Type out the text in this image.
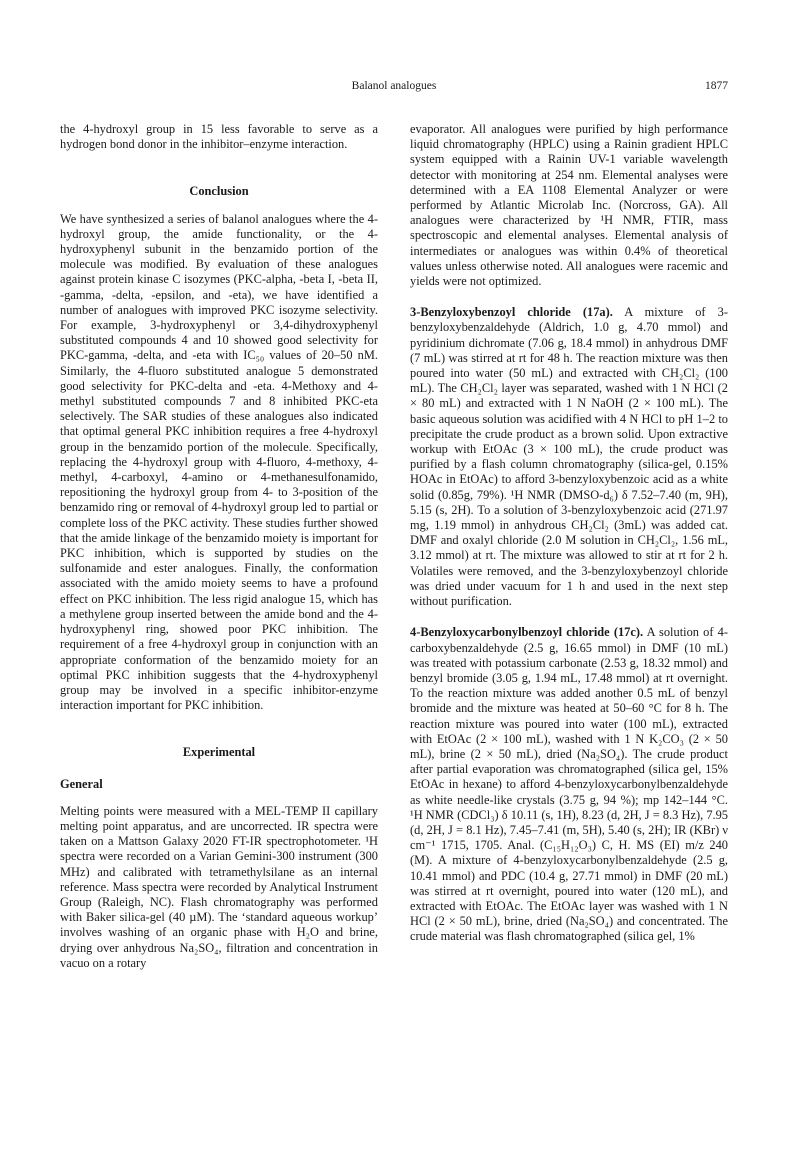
Balanol analogues	1877

the 4-hydroxyl group in 15 less favorable to serve as a hydrogen bond donor in the inhibitor–enzyme interaction.

Conclusion

We have synthesized a series of balanol analogues where the 4-hydroxyl group, the amide functionality, or the 4-hydroxyphenyl subunit in the benzamido portion of the molecule was modified. By evaluation of these analogues against protein kinase C isozymes (PKC-alpha, -beta I, -beta II, -gamma, -delta, -epsilon, and -eta), we have identified a number of analogues with improved PKC isozyme selectivity. For example, 3-hydroxyphenyl or 3,4-dihydroxyphenyl substituted compounds 4 and 10 showed good selectivity for PKC-gamma, -delta, and -eta with IC₅₀ values of 20–50 nM. Similarly, the 4-fluoro substituted analogue 5 demonstrated good selectivity for PKC-delta and -eta. 4-Methoxy and 4-methyl substituted compounds 7 and 8 inhibited PKC-eta selectively. The SAR studies of these analogues also indicated that optimal general PKC inhibition requires a free 4-hydroxyl group in the benzamido portion of the molecule. Specifically, replacing the 4-hydroxyl group with 4-fluoro, 4-methoxy, 4-methyl, 4-carboxyl, 4-amino or 4-methanesulfonamido, repositioning the hydroxyl group from 4- to 3-position of the benzamido ring or removal of 4-hydroxyl group led to partial or complete loss of the PKC activity. These studies further showed that the amide linkage of the benzamido moiety is important for PKC inhibition, which is supported by studies on the sulfonamide and ester analogues. Finally, the conformation associated with the amido moiety seems to have a profound effect on PKC inhibition. The less rigid analogue 15, which has a methylene group inserted between the amide bond and the 4-hydroxyphenyl ring, showed poor PKC inhibition. The requirement of a free 4-hydroxyl group in conjunction with an appropriate conformation of the benzamido moiety for an optimal PKC inhibition suggests that the 4-hydroxyphenyl group may be involved in a specific inhibitor-enzyme interaction important for PKC inhibition.

Experimental
General

Melting points were measured with a MEL-TEMP II capillary melting point apparatus, and are uncorrected. IR spectra were taken on a Mattson Galaxy 2020 FT-IR spectrophotometer. ¹H spectra were recorded on a Varian Gemini-300 instrument (300 MHz) and calibrated with tetramethylsilane as an internal reference. Mass spectra were recorded by Analytical Instrument Group (Raleigh, NC). Flash chromatography was performed with Baker silica-gel (40 µM). The ‘standard aqueous workup’ involves washing of an organic phase with H₂O and brine, drying over anhydrous Na₂SO₄, filtration and concentration in vacuo on a rotary

evaporator. All analogues were purified by high performance liquid chromatography (HPLC) using a Rainin gradient HPLC system equipped with a Rainin UV-1 variable wavelength detector with monitoring at 254 nm. Elemental analyses were determined with a EA 1108 Elemental Analyzer or were performed by Atlantic Microlab Inc. (Norcross, GA). All analogues were characterized by ¹H NMR, FTIR, mass spectroscopic and elemental analyses. Elemental analysis of intermediates or analogues was within 0.4% of theoretical values unless otherwise noted. All analogues were racemic and yields were not optimized.

3-Benzyloxybenzoyl chloride (17a). A mixture of 3-benzyloxybenzaldehyde (Aldrich, 1.0 g, 4.70 mmol) and pyridinium dichromate (7.06 g, 18.4 mmol) in anhydrous DMF (7 mL) was stirred at rt for 48 h. The reaction mixture was then poured into water (50 mL) and extracted with CH₂Cl₂ (100 mL). The CH₂Cl₂ layer was separated, washed with 1 N HCl (2 × 80 mL) and extracted with 1 N NaOH (2 × 100 mL). The basic aqueous solution was acidified with 4 N HCl to pH 1–2 to precipitate the crude product as a brown solid. Upon extractive workup with EtOAc (3 × 100 mL), the crude product was purified by a flash column chromatography (silica-gel, 0.15% HOAc in EtOAc) to afford 3-benzyloxybenzoic acid as a white solid (0.85g, 79%). ¹H NMR (DMSO-d₆) δ 7.52–7.40 (m, 9H), 5.15 (s, 2H). To a solution of 3-benzyloxybenzoic acid (271.97 mg, 1.19 mmol) in anhydrous CH₂Cl₂ (3mL) was added cat. DMF and oxalyl chloride (2.0 M solution in CH₂Cl₂, 1.56 mL, 3.12 mmol) at rt. The mixture was allowed to stir at rt for 2 h. Volatiles were removed, and the 3-benzyloxybenzoyl chloride was dried under vacuum for 1 h and used in the next step without purification.

4-Benzyloxycarbonylbenzoyl chloride (17c). A solution of 4-carboxybenzaldehyde (2.5 g, 16.65 mmol) in DMF (10 mL) was treated with potassium carbonate (2.53 g, 18.32 mmol) and benzyl bromide (3.05 g, 1.94 mL, 17.48 mmol) at rt overnight. To the reaction mixture was added another 0.5 mL of benzyl bromide and the mixture was heated at 50–60 °C for 8 h. The reaction mixture was poured into water (100 mL), extracted with EtOAc (2 × 100 mL), washed with 1 N K₂CO₃ (2 × 50 mL), brine (2 × 50 mL), dried (Na₂SO₄). The crude product after partial evaporation was chromatographed (silica gel, 15% EtOAc in hexane) to afford 4-benzyloxycarbonylbenzaldehyde as white needle-like crystals (3.75 g, 94 %); mp 142–144 °C. ¹H NMR (CDCl₃) δ 10.11 (s, 1H), 8.23 (d, 2H, J = 8.3 Hz), 7.95 (d, 2H, J = 8.1 Hz), 7.45–7.41 (m, 5H), 5.40 (s, 2H); IR (KBr) ν cm⁻¹ 1715, 1705. Anal. (C₁₅H₁₂O₃) C, H. MS (EI) m/z 240 (M). A mixture of 4-benzyloxycarbonylbenzaldehyde (2.5 g, 10.41 mmol) and PDC (10.4 g, 27.71 mmol) in DMF (20 mL) was stirred at rt overnight, poured into water (120 mL), and extracted with EtOAc. The EtOAc layer was washed with 1 N HCl (2 × 50 mL), brine, dried (Na₂SO₄) and concentrated. The crude material was flash chromatographed (silica gel, 1%
